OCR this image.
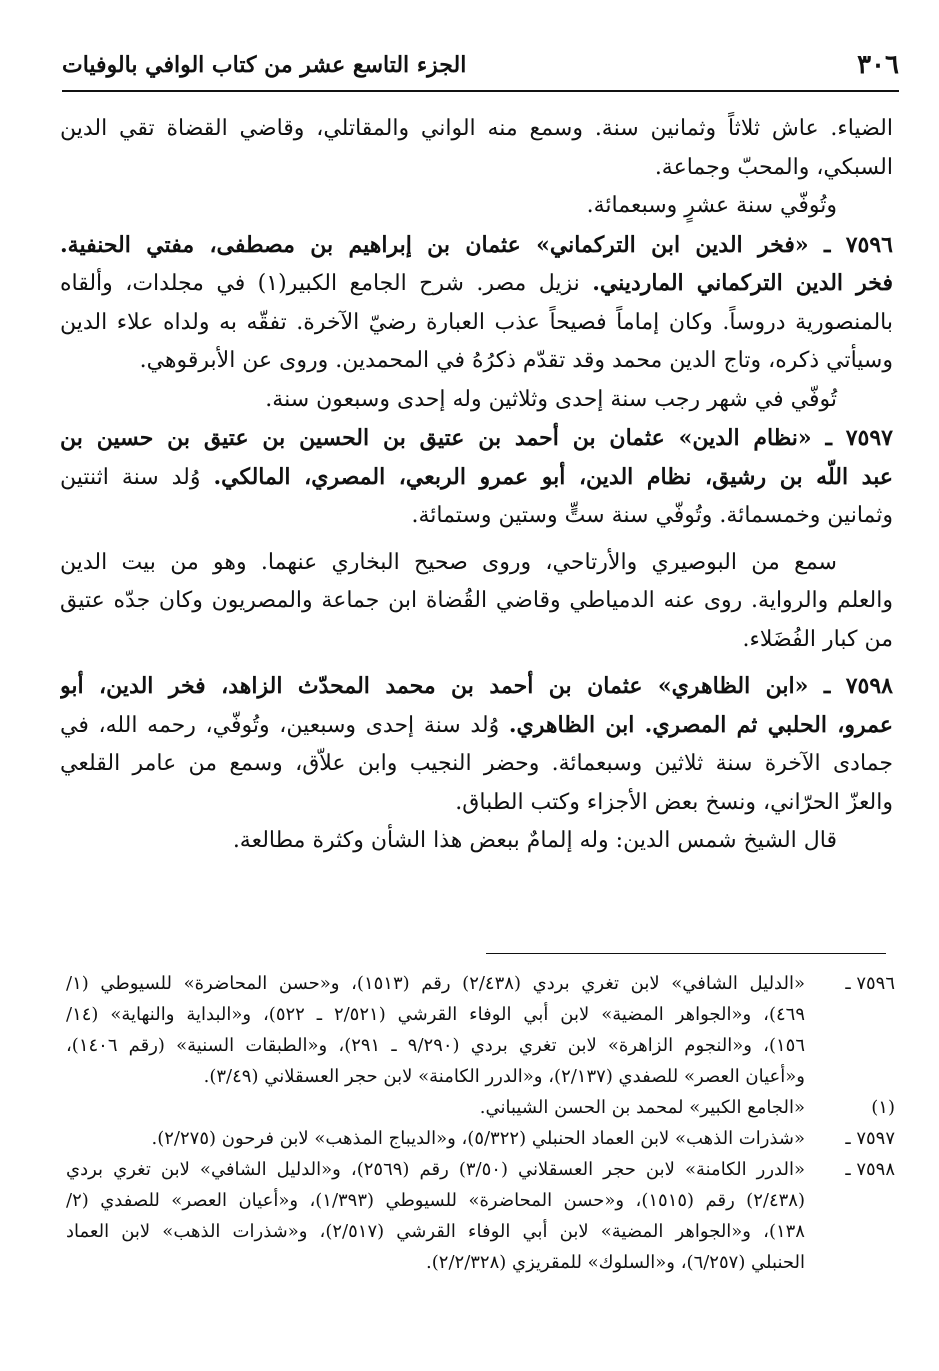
٣٠٦
الجزء التاسع عشر من كتاب الوافي بالوفيات

الضياء. عاش ثلاثاً وثمانين سنة. وسمع منه الواني والمقاتلي، وقاضي القضاة تقي الدين
السبكي، والمحبّ وجماعة.

وتُوفّي سنة عشرٍ وسبعمائة.

٧٥٩٦ ـ «فخر الدين ابن التركماني» عثمان بن إبراهيم بن مصطفى، مفتي الحنفية.
فخر الدين التركماني المارديني. نزيل مصر. شرح الجامع الكبير(١) في مجلدات، وألقاه
بالمنصورية دروساً. وكان إماماً فصيحاً عذب العبارة رضيّ الآخرة. تفقّه به ولداه علاء الدين
وسيأتي ذكره، وتاج الدين محمد وقد تقدّم ذكرُهُ في المحمدين. وروى عن الأبرقوهي.
تُوفّي في شهر رجب سنة إحدى وثلاثين وله إحدى وسبعون سنة.

٧٥٩٧ ـ «نظام الدين» عثمان بن أحمد بن عتيق بن الحسين بن عتيق بن حسين بن
عبد اللّه بن رشيق، نظام الدين، أبو عمرو الربعي، المصري، المالكي. وُلد سنة اثنتين
وثمانين وخمسمائة. وتُوفّي سنة ستٍّ وستين وستمائة.
سمع من البوصيري والأرتاحي، وروى صحيح البخاري عنهما. وهو من بيت الدين
والعلم والرواية. روى عنه الدمياطي وقاضي القُضاة ابن جماعة والمصريون وكان جدّه عتيق
من كبار الفُضَلاء.

٧٥٩٨ ـ «ابن الظاهري» عثمان بن أحمد بن محمد المحدّث الزاهد، فخر الدين، أبو
عمرو، الحلبي ثم المصري. ابن الظاهري. وُلد سنة إحدى وسبعين، وتُوفّي، رحمه الله، في
جمادى الآخرة سنة ثلاثين وسبعمائة. وحضر النجيب وابن علاّق، وسمع من عامر القلعي
والعزّ الحرّاني، ونسخ بعض الأجزاء وكتب الطباق.
قال الشيخ شمس الدين: وله إلمامٌ ببعض هذا الشأن وكثرة مطالعة.

٧٥٩٦ ـ
«الدليل الشافي» لابن تغري بردي (٢/٤٣٨) رقم (١٥١٣)، و«حسن المحاضرة» للسيوطي (١/
٤٦٩)، و«الجواهر المضية» لابن أبي الوفاء القرشي (٢/٥٢١ ـ ٥٢٢)، و«البداية والنهاية» (١٤/
١٥٦)، و«النجوم الزاهرة» لابن تغري بردي (٩/٢٩٠ ـ ٢٩١)، و«الطبقات السنية» (رقم ١٤٠٦)،
و«أعيان العصر» للصفدي (٢/١٣٧)، و«الدرر الكامنة» لابن حجر العسقلاني (٣/٤٩).
(١)
«الجامع الكبير» لمحمد بن الحسن الشيباني.
٧٥٩٧ ـ
«شذرات الذهب» لابن العماد الحنبلي (٥/٣٢٢)، و«الديباج المذهب» لابن فرحون (٢/٢٧٥).
٧٥٩٨ ـ
«الدرر الكامنة» لابن حجر العسقلاني (٣/٥٠) رقم (٢٥٦٩)، و«الدليل الشافي» لابن تغري بردي
(٢/٤٣٨) رقم (١٥١٥)، و«حسن المحاضرة» للسيوطي (١/٣٩٣)، و«أعيان العصر» للصفدي (٢/
١٣٨)، و«الجواهر المضية» لابن أبي الوفاء القرشي (٢/٥١٧)، و«شذرات الذهب» لابن العماد
الحنبلي (٦/٢٥٧)، و«السلوك» للمقريزي (٢/٢/٣٢٨).
